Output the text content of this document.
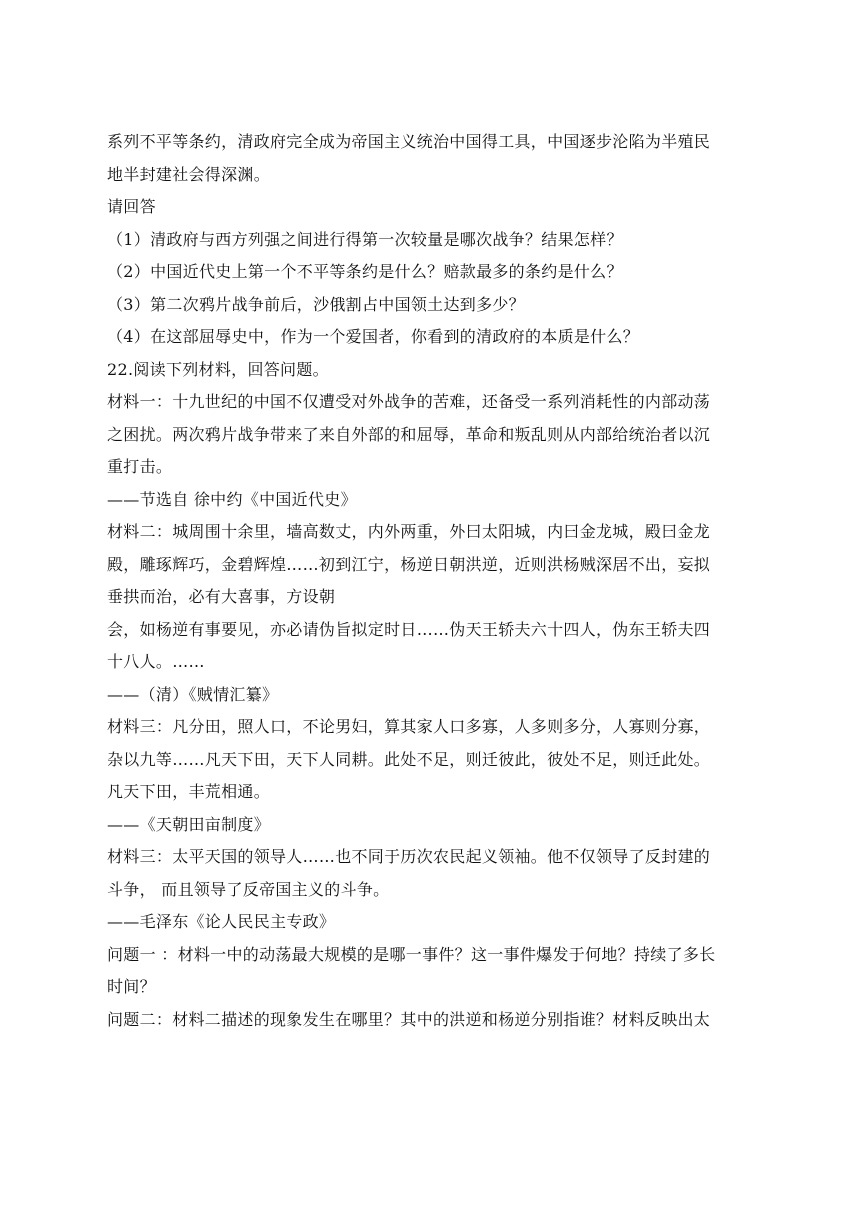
系列不平等条约，清政府完全成为帝国主义统治中国得工具，中国逐步沦陷为半殖民
地半封建社会得深渊。
请回答
（1）清政府与西方列强之间进行得第一次较量是哪次战争？结果怎样？
（2）中国近代史上第一个不平等条约是什么？赔款最多的条约是什么？
（3）第二次鸦片战争前后，沙俄割占中国领土达到多少？
（4）在这部屈辱史中，作为一个爱国者，你看到的清政府的本质是什么？
22.阅读下列材料，回答问题。
材料一：十九世纪的中国不仅遭受对外战争的苦难，还备受一系列消耗性的内部动荡
之困扰。两次鸦片战争带来了来自外部的和屈辱，革命和叛乱则从内部给统治者以沉
重打击。
——节选自 徐中约《中国近代史》
材料二：城周围十余里，墙高数丈，内外两重，外曰太阳城，内曰金龙城，殿曰金龙
殿，雕琢辉巧，金碧辉煌……初到江宁，杨逆日朝洪逆，近则洪杨贼深居不出，妄拟
垂拱而治，必有大喜事，方设朝
会，如杨逆有事要见，亦必请伪旨拟定时日……伪天王轿夫六十四人，伪东王轿夫四
十八人。……
——（清）《贼情汇纂》
材料三：凡分田，照人口，不论男妇，算其家人口多寡，人多则多分，人寡则分寡，
杂以九等……凡天下田，天下人同耕。此处不足，则迁彼此，彼处不足，则迁此处。
凡天下田，丰荒相通。
——《天朝田亩制度》
材料三：太平天国的领导人……也不同于历次农民起义领袖。他不仅领导了反封建的
斗争， 而且领导了反帝国主义的斗争。
——毛泽东《论人民民主专政》
问题一 ：材料一中的动荡最大规模的是哪一事件？这一事件爆发于何地？持续了多长
时间？
问题二：材料二描述的现象发生在哪里？其中的洪逆和杨逆分别指谁？材料反映出太
